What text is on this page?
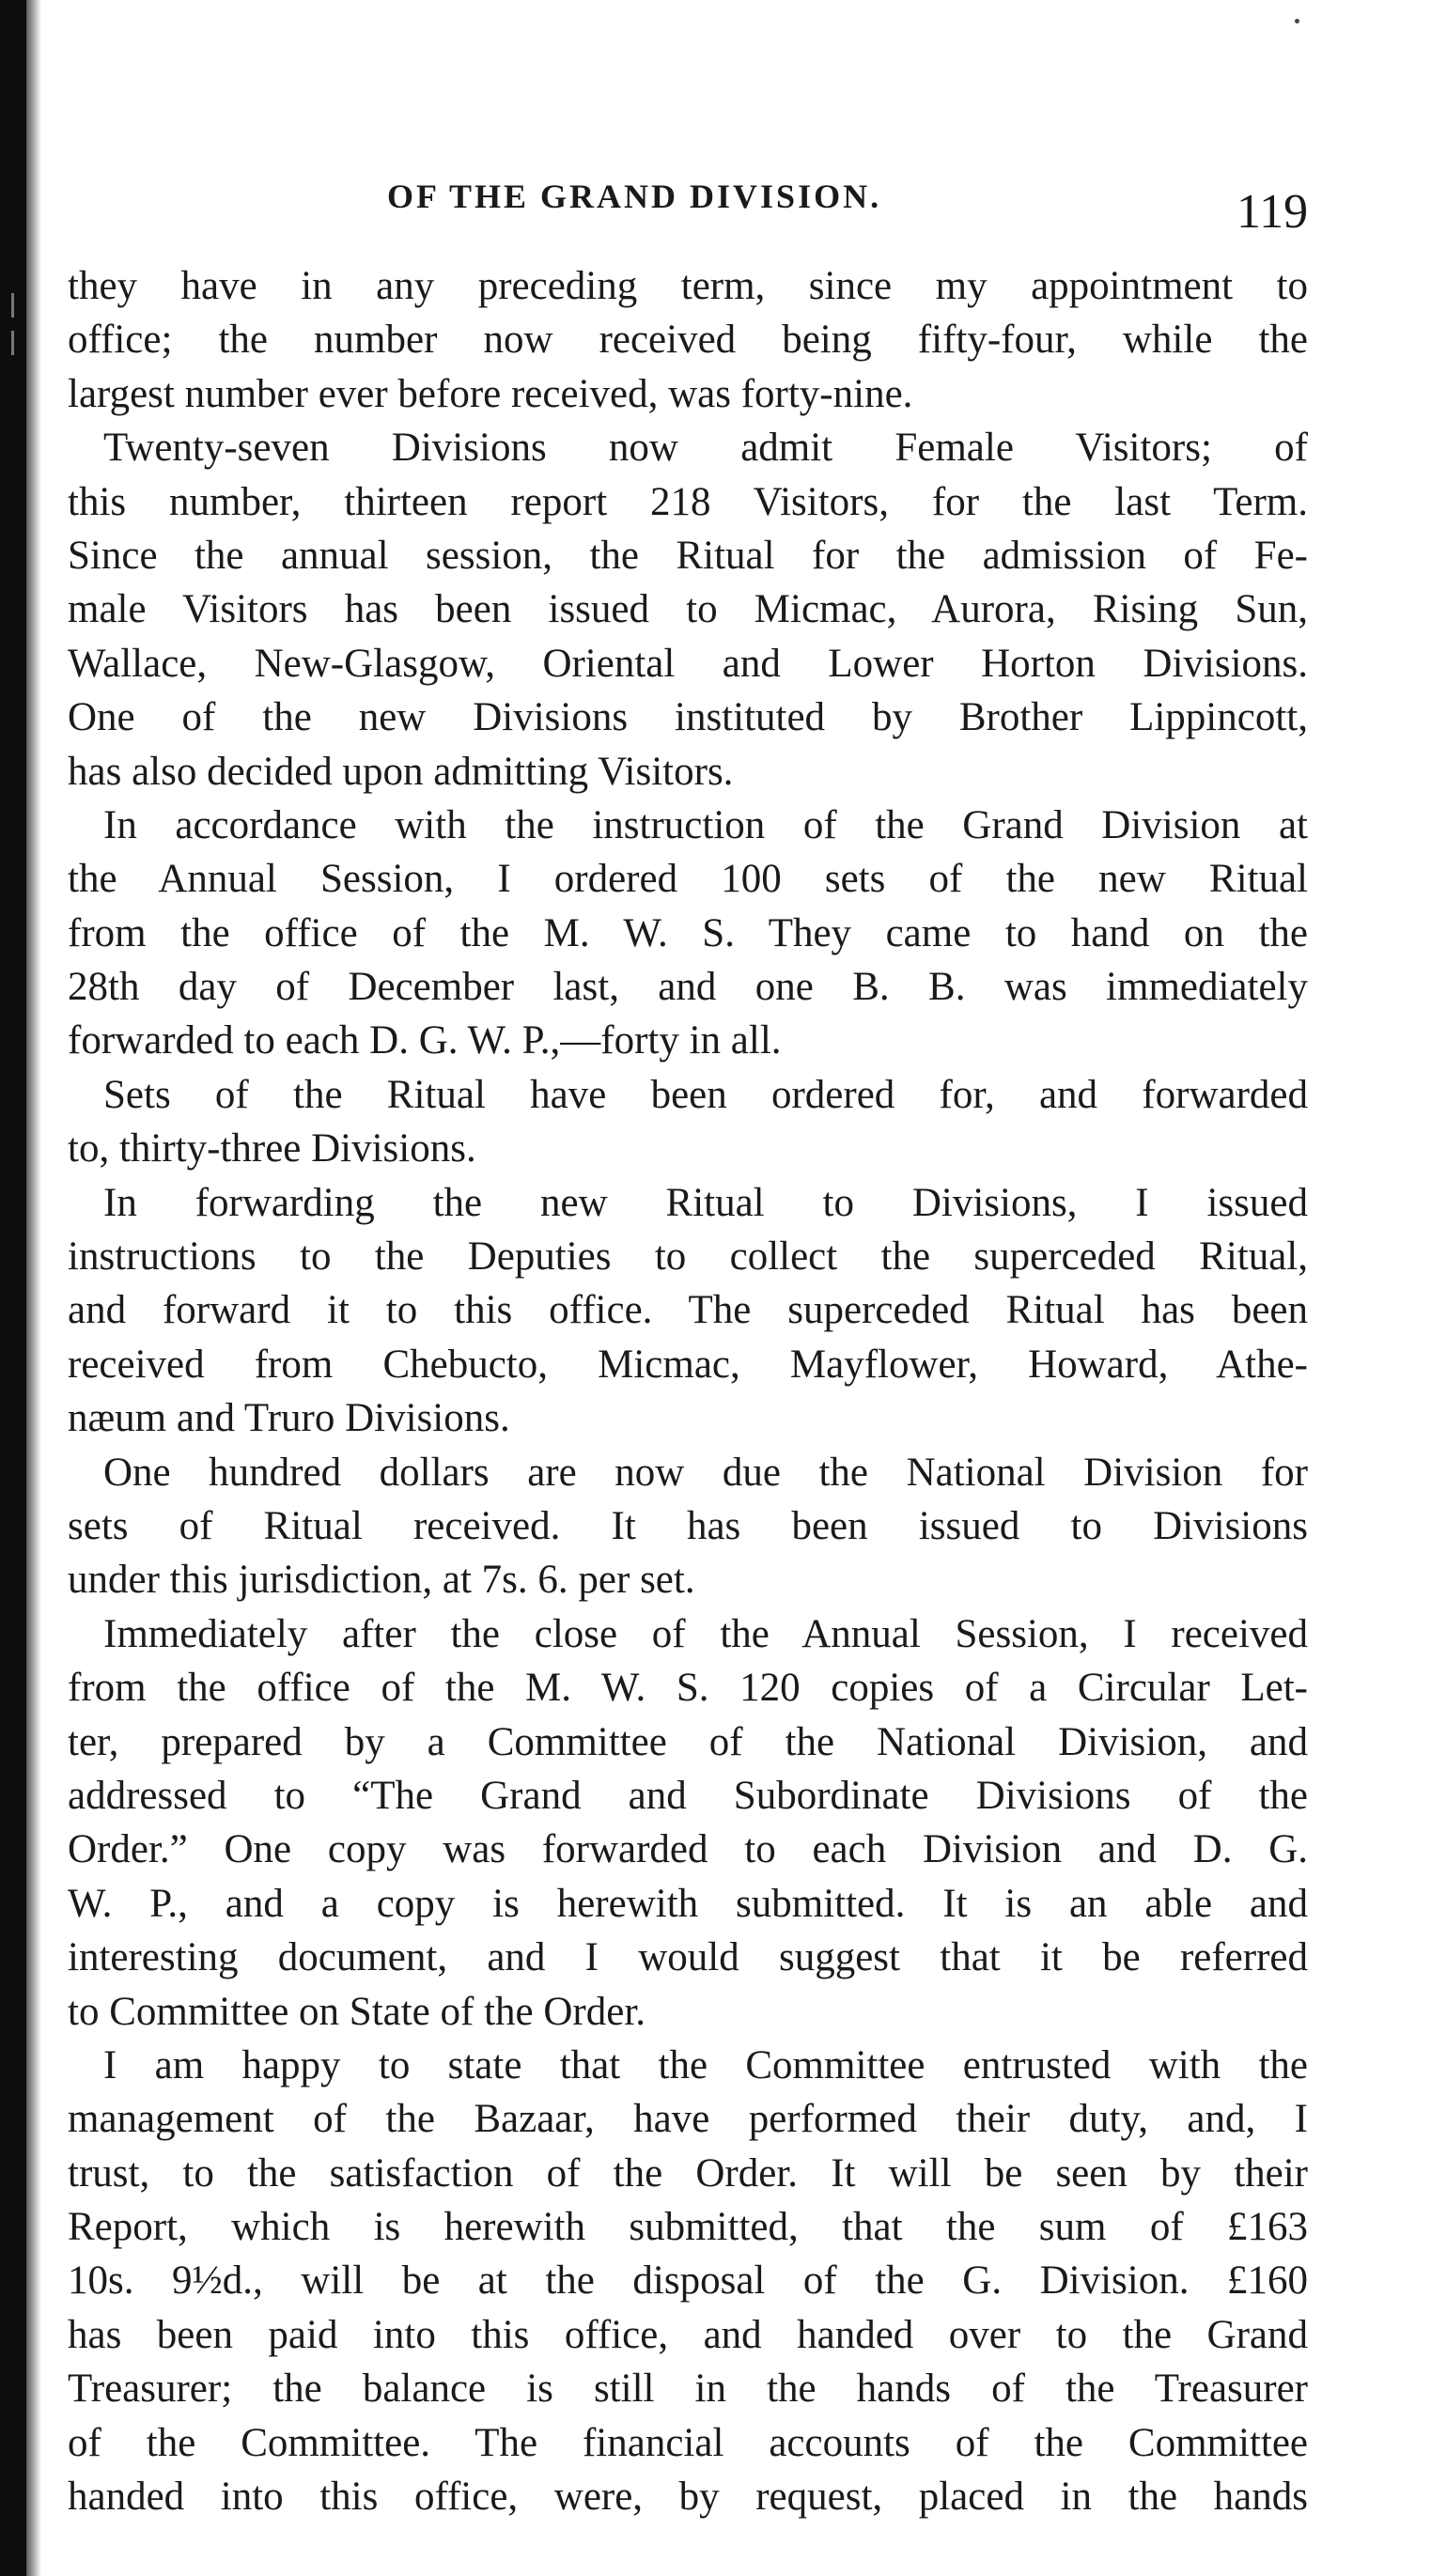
OF THE GRAND DIVISION.	119
they have in any preceding term, since my appointment to
office; the number now received being fifty-four, while the
largest number ever before received, was forty-nine.
Twenty-seven Divisions now admit Female Visitors; of
this number, thirteen report 218 Visitors, for the last Term.
Since the annual session, the Ritual for the admission of Fe-
male Visitors has been issued to Micmac, Aurora, Rising Sun,
Wallace, New-Glasgow, Oriental and Lower Horton Divisions.
One of the new Divisions instituted by Brother Lippincott,
has also decided upon admitting Visitors.
In accordance with the instruction of the Grand Division at
the Annual Session, I ordered 100 sets of the new Ritual
from the office of the M. W. S. They came to hand on the
28th day of December last, and one B. B. was immediately
forwarded to each D. G. W. P.,—forty in all.
Sets of the Ritual have been ordered for, and forwarded
to, thirty-three Divisions.
In forwarding the new Ritual to Divisions, I issued
instructions to the Deputies to collect the superceded Ritual,
and forward it to this office. The superceded Ritual has been
received from Chebucto, Micmac, Mayflower, Howard, Athe-
næum and Truro Divisions.
One hundred dollars are now due the National Division for
sets of Ritual received. It has been issued to Divisions
under this jurisdiction, at 7s. 6. per set.
Immediately after the close of the Annual Session, I received
from the office of the M. W. S. 120 copies of a Circular Let-
ter, prepared by a Committee of the National Division, and
addressed to “The Grand and Subordinate Divisions of the
Order.” One copy was forwarded to each Division and D. G.
W. P., and a copy is herewith submitted. It is an able and
interesting document, and I would suggest that it be referred
to Committee on State of the Order.
I am happy to state that the Committee entrusted with the
management of the Bazaar, have performed their duty, and, I
trust, to the satisfaction of the Order. It will be seen by their
Report, which is herewith submitted, that the sum of £163
10s. 9½d., will be at the disposal of the G. Division. £160
has been paid into this office, and handed over to the Grand
Treasurer; the balance is still in the hands of the Treasurer
of the Committee. The financial accounts of the Committee
handed into this office, were, by request, placed in the hands
